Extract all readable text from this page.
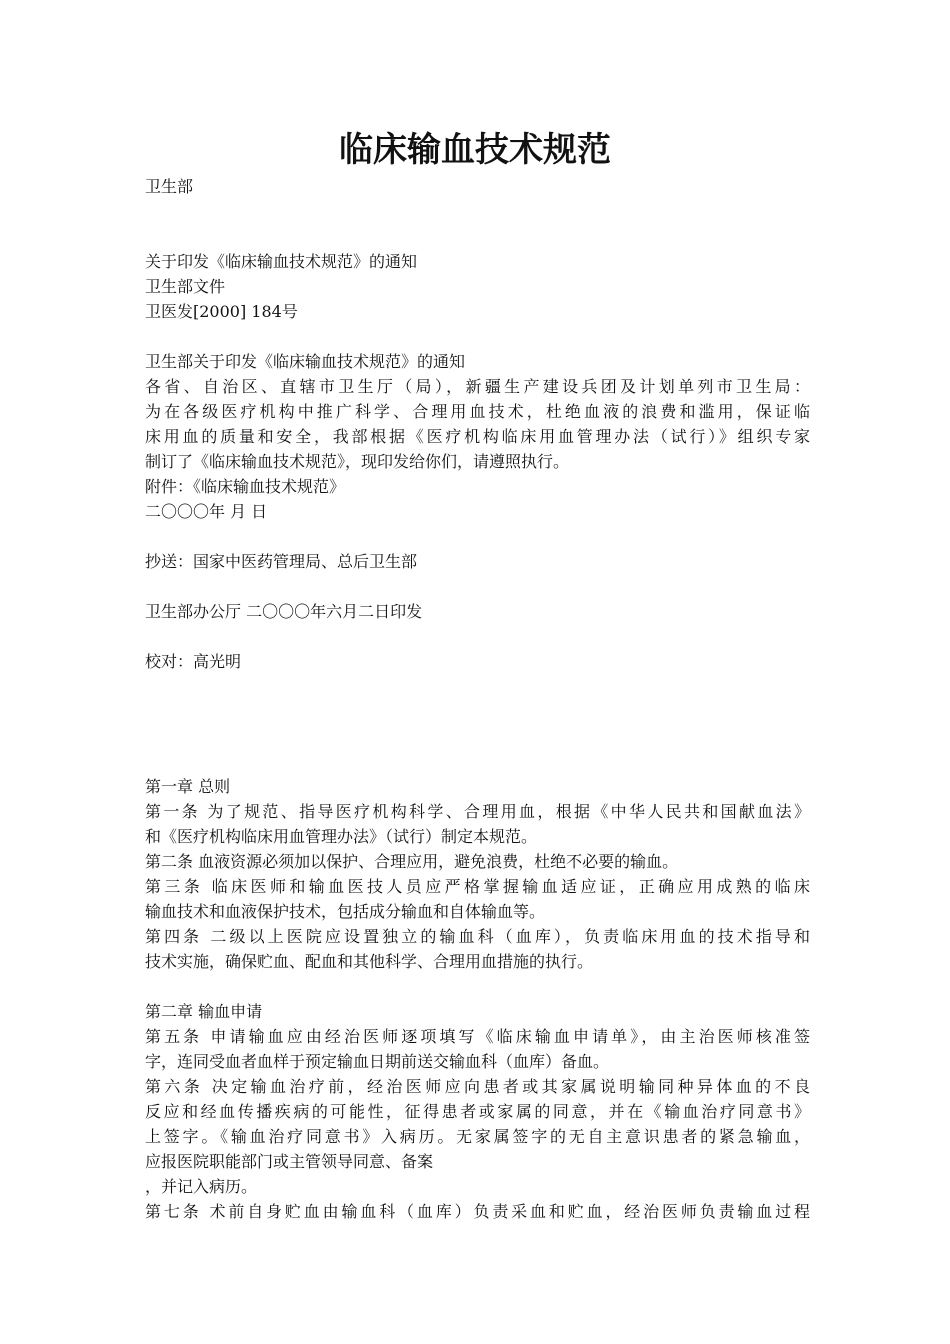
临床输血技术规范
卫生部
关于印发《临床输血技术规范》的通知
卫生部文件
卫医发[2000] 184号
卫生部关于印发《临床输血技术规范》的通知
各省、自治区、直辖市卫生厅（局），新疆生产建设兵团及计划单列市卫生局：
为在各级医疗机构中推广科学、合理用血技术，杜绝血液的浪费和滥用，保证临
床用血的质量和安全，我部根据《医疗机构临床用血管理办法（试行）》组织专家
制订了《临床输血技术规范》，现印发给你们，请遵照执行。
附件：《临床输血技术规范》
二〇〇〇年 月 日
抄送：国家中医药管理局、总后卫生部
卫生部办公厅 二〇〇〇年六月二日印发
校对：高光明
第一章 总则
第一条 为了规范、指导医疗机构科学、合理用血，根据《中华人民共和国献血法》
和《医疗机构临床用血管理办法》（试行）制定本规范。
第二条 血液资源必须加以保护、合理应用，避免浪费，杜绝不必要的输血。
第三条 临床医师和输血医技人员应严格掌握输血适应证，正确应用成熟的临床
输血技术和血液保护技术，包括成分输血和自体输血等。
第四条 二级以上医院应设置独立的输血科（血库），负责临床用血的技术指导和
技术实施，确保贮血、配血和其他科学、合理用血措施的执行。
第二章 输血申请
第五条 申请输血应由经治医师逐项填写《临床输血申请单》，由主治医师核准签
字，连同受血者血样于预定输血日期前送交输血科（血库）备血。
第六条 决定输血治疗前，经治医师应向患者或其家属说明输同种异体血的不良
反应和经血传播疾病的可能性，征得患者或家属的同意，并在《输血治疗同意书》
上签字。《输血治疗同意书》入病历。无家属签字的无自主意识患者的紧急输血，
应报医院职能部门或主管领导同意、备案
，并记入病历。
第七条 术前自身贮血由输血科（血库）负责采血和贮血，经治医师负责输血过程
